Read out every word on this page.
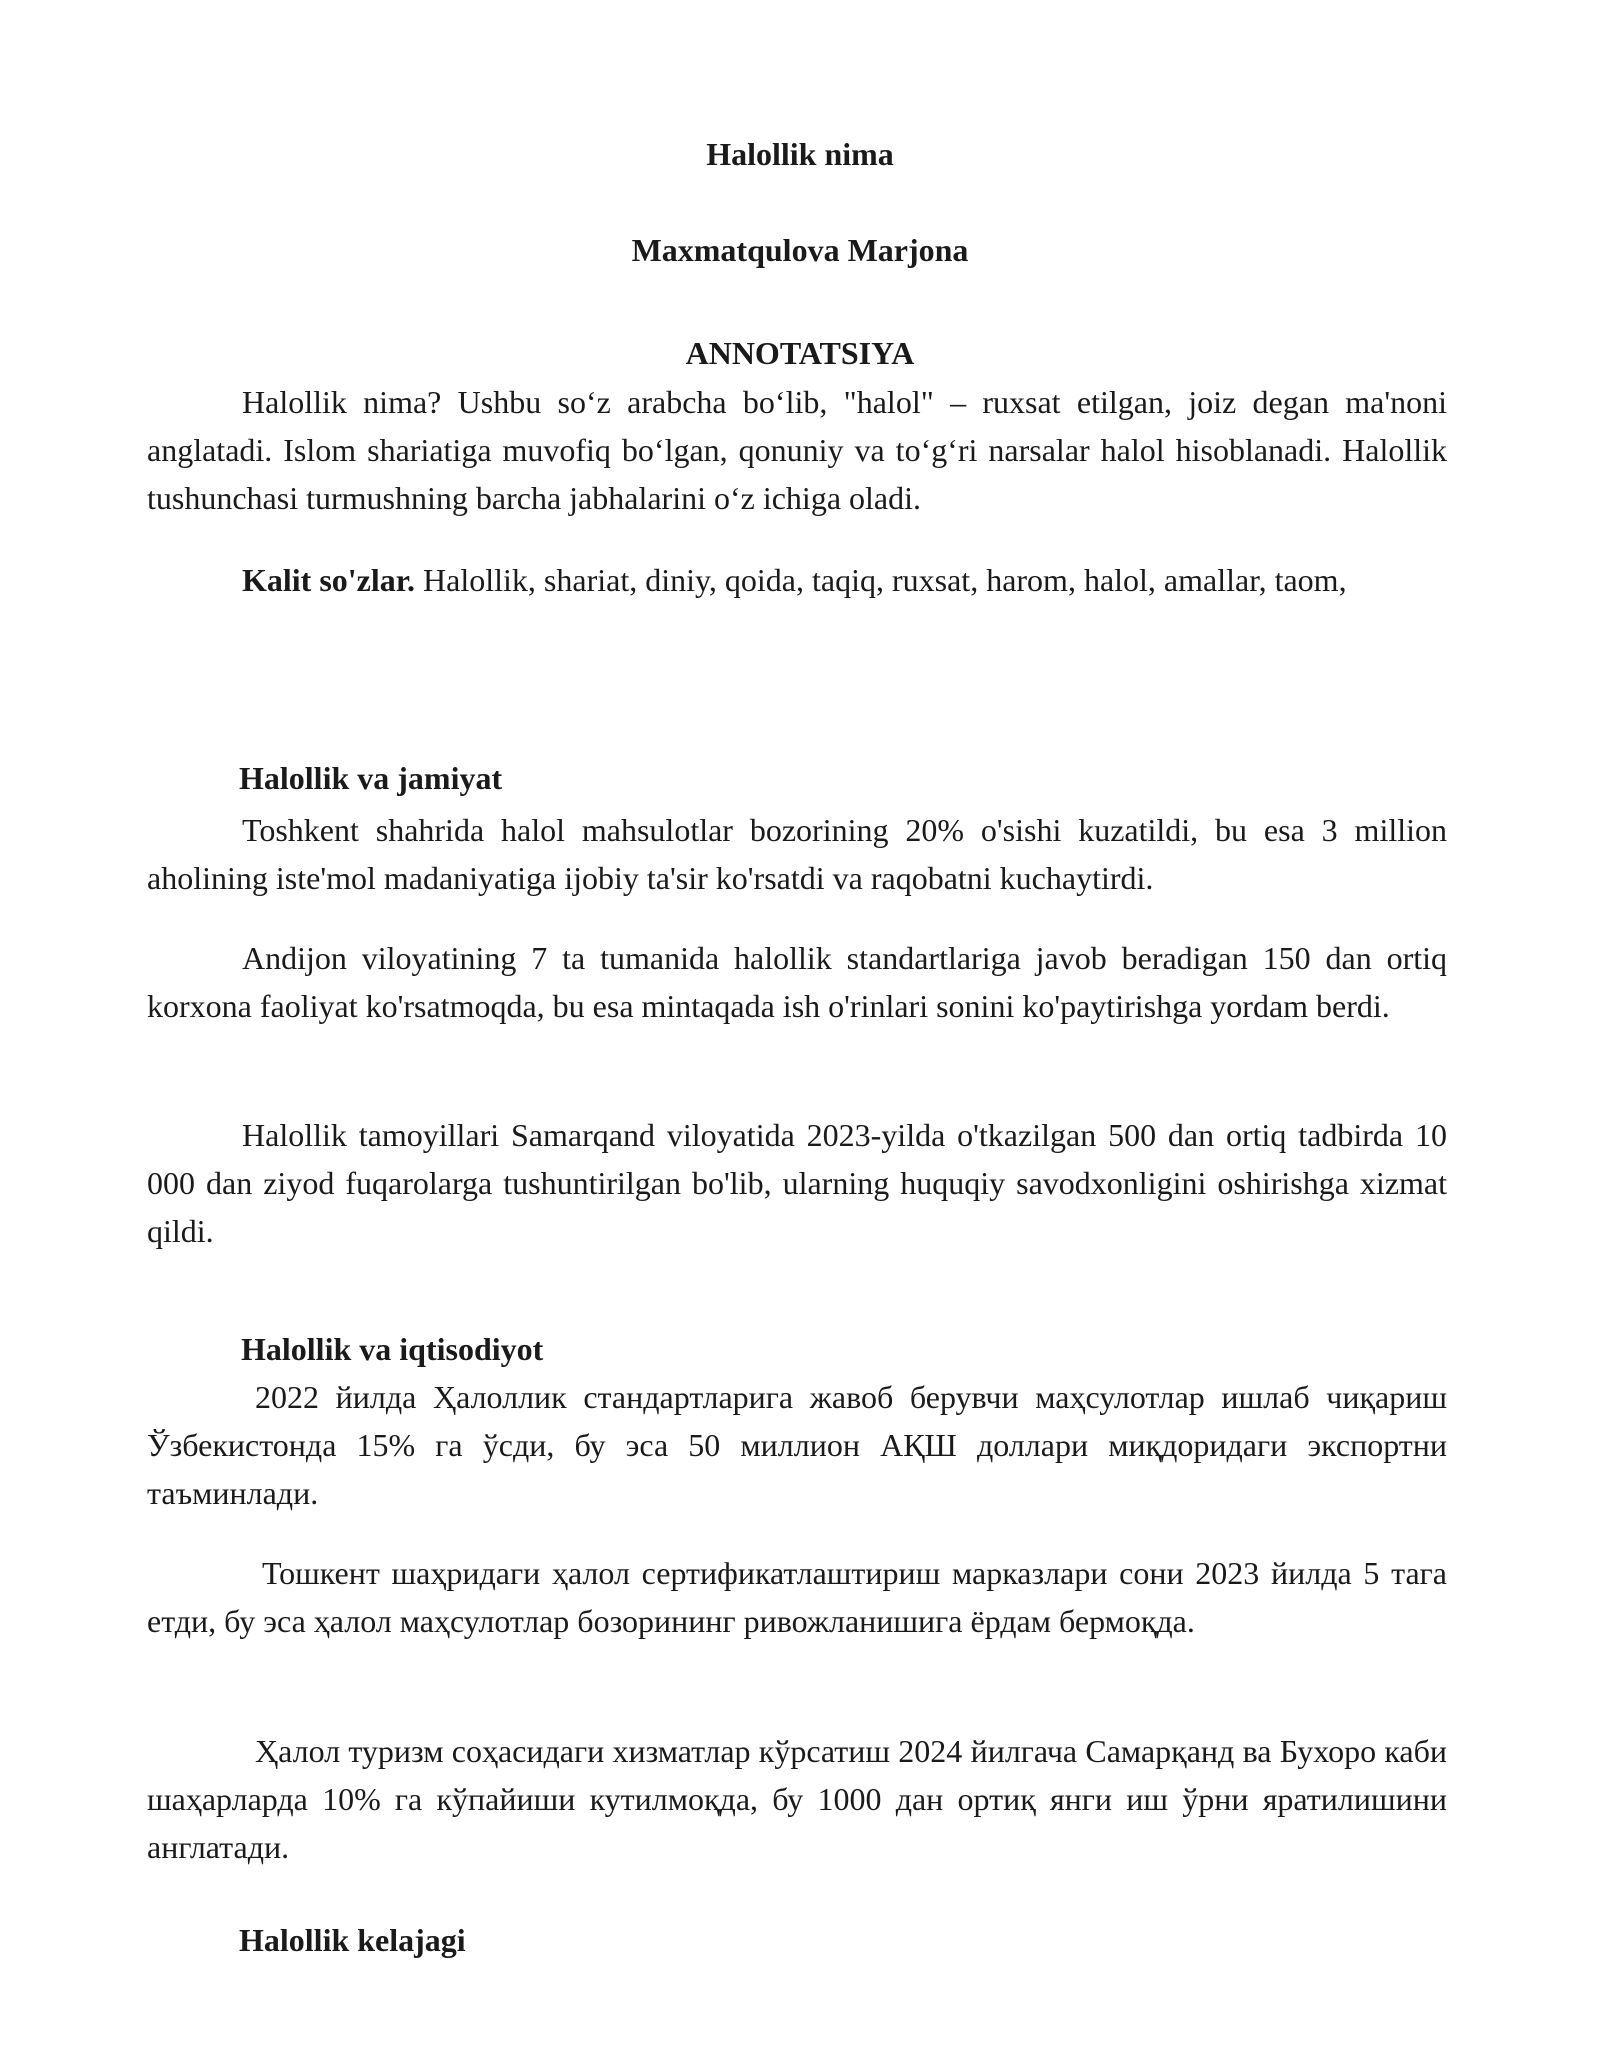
Halollik nima
Maxmatqulova Marjona
ANNOTATSIYA

Halollik nima? Ushbu so‘z arabcha bo‘lib, "halol" – ruxsat etilgan, joiz degan ma'noni anglatadi. Islom shariatiga muvofiq bo‘lgan, qonuniy va to‘g‘ri narsalar halol hisoblanadi. Halollik tushunchasi turmushning barcha jabhalarini o‘z ichiga oladi.

Kalit so'zlar. Halollik, shariat, diniy, qoida, taqiq, ruxsat, harom, halol, amallar, taom,

Halollik va jamiyat

Toshkent shahrida halol mahsulotlar bozorining 20% o'sishi kuzatildi, bu esa 3 million aholining iste'mol madaniyatiga ijobiy ta'sir ko'rsatdi va raqobatni kuchaytirdi.

Andijon viloyatining 7 ta tumanida halollik standartlariga javob beradigan 150 dan ortiq korxona faoliyat ko'rsatmoqda, bu esa mintaqada ish o'rinlari sonini ko'paytirishga yordam berdi.

Halollik tamoyillari Samarqand viloyatida 2023-yilda o'tkazilgan 500 dan ortiq tadbirda 10 000 dan ziyod fuqarolarga tushuntirilgan bo'lib, ularning huquqiy savodxonligini oshirishga xizmat qildi.

Halollik va iqtisodiyot

2022 йилда Ҳалоллик стандартларига жавоб берувчи маҳсулотлар ишлаб чиқариш Ўзбекистонда 15% га ўсди, бу эса 50 миллион АҚШ доллари миқдоридаги экспортни таъминлади.

Тошкент шаҳридаги ҳалол сертификатлаштириш марказлари сони 2023 йилда 5 тага етди, бу эса ҳалол маҳсулотлар бозорининг ривожланишига ёрдам бермоқда.

Ҳалол туризм соҳасидаги хизматлар кўрсатиш 2024 йилгача Самарқанд ва Бухоро каби шаҳарларда 10% га кўпайиши кутилмоқда, бу 1000 дан ортиқ янги иш ўрни яратилишини англатади.

Halollik kelajagi
